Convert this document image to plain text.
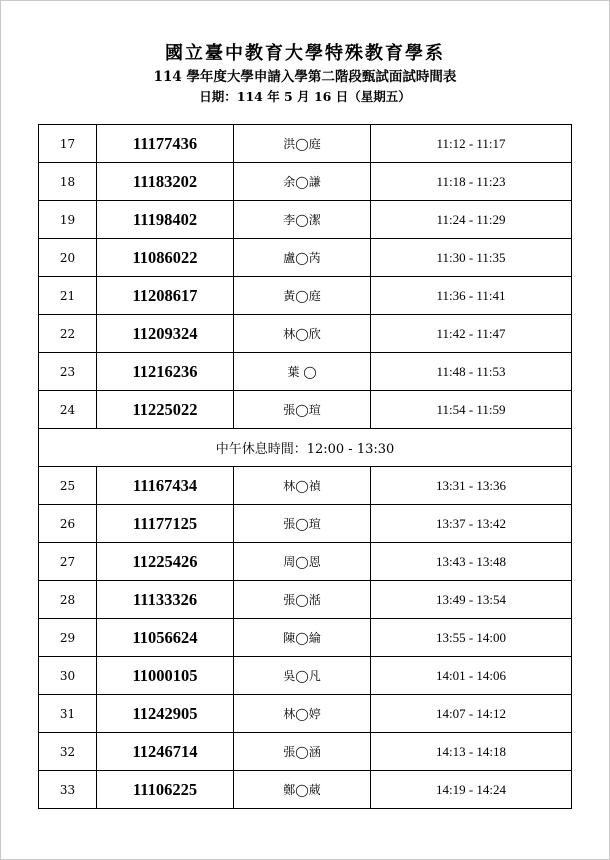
國立臺中教育大學特殊教育學系
114 學年度大學申請入學第二階段甄試面試時間表
日期：114 年 5 月 16 日（星期五）
17	11177436	洪◯庭	11:12 - 11:17
18	11183202	余◯謙	11:18 - 11:23
19	11198402	李◯潔	11:24 - 11:29
20	11086022	盧◯芮	11:30 - 11:35
21	11208617	黃◯庭	11:36 - 11:41
22	11209324	林◯欣	11:42 - 11:47
23	11216236	葉 ◯	11:48 - 11:53
24	11225022	張◯瑄	11:54 - 11:59
中午休息時間：12:00 - 13:30			
25	11167434	林◯禎	13:31 - 13:36
26	11177125	張◯瑄	13:37 - 13:42
27	11225426	周◯恩	13:43 - 13:48
28	11133326	張◯湉	13:49 - 13:54
29	11056624	陳◯綸	13:55 - 14:00
30	11000105	吳◯凡	14:01 - 14:06
31	11242905	林◯婷	14:07 - 14:12
32	11246714	張◯涵	14:13 - 14:18
33	11106225	鄭◯葳	14:19 - 14:24
